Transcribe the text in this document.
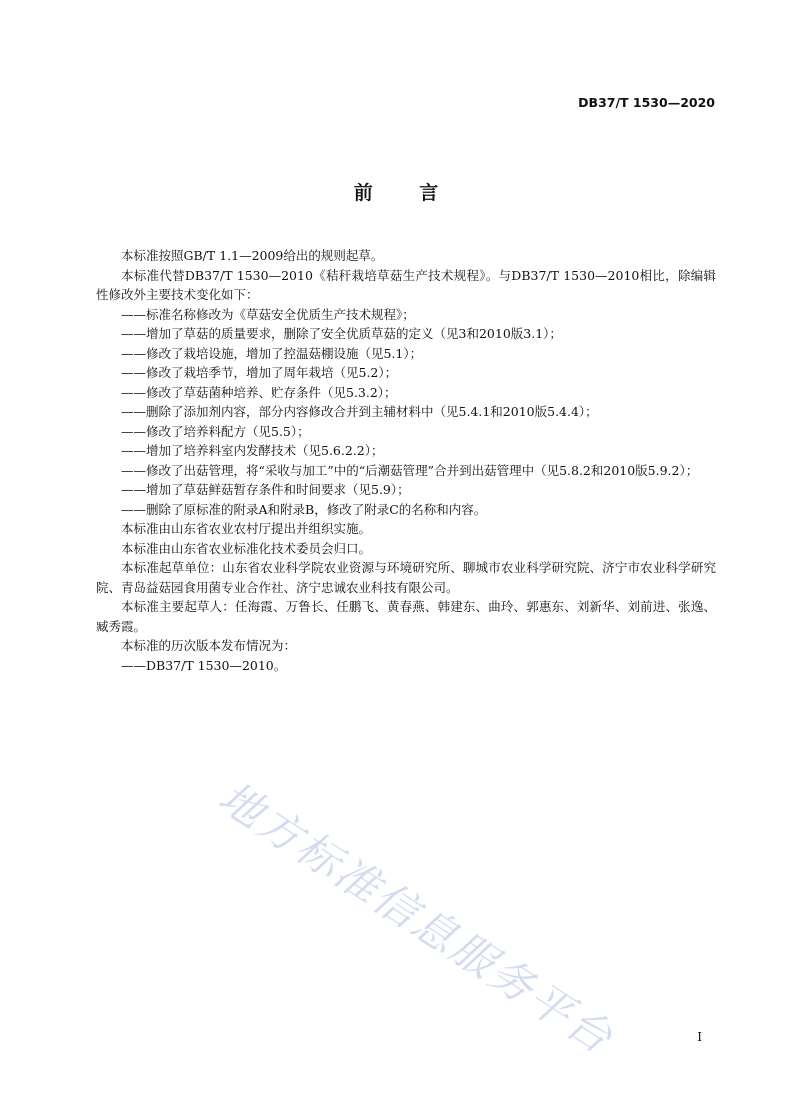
DB37/T 1530—2020
前 言

本标准按照GB/T 1.1—2009给出的规则起草。

本标准代替DB37/T 1530—2010《秸秆栽培草菇生产技术规程》。与DB37/T 1530—2010相比，除编辑性修改外主要技术变化如下：

—— 标准名称修改为《草菇安全优质生产技术规程》；

—— 增加了草菇的质量要求，删除了安全优质草菇的定义（见3和2010版3.1）；

—— 修改了栽培设施，增加了控温菇棚设施（见5.1）；

—— 修改了栽培季节，增加了周年栽培（见5.2）；

—— 修改了草菇菌种培养、贮存条件（见5.3.2）；

—— 删除了添加剂内容，部分内容修改合并到主辅材料中（见5.4.1和2010版5.4.4）；

—— 修改了培养料配方（见5.5）；

—— 增加了培养料室内发酵技术（见5.6.2.2）；

—— 修改了出菇管理，将“采收与加工”中的“后潮菇管理”合并到出菇管理中（见5.8.2和2010版5.9.2）；

—— 增加了草菇鲜菇暂存条件和时间要求（见5.9）；

—— 删除了原标准的附录A和附录B，修改了附录C的名称和内容。

本标准由山东省农业农村厅提出并组织实施。

本标准由山东省农业标准化技术委员会归口。

本标准起草单位：山东省农业科学院农业资源与环境研究所、聊城市农业科学研究院、济宁市农业科学研究院、青岛益菇园食用菌专业合作社、济宁忠诚农业科技有限公司。

本标准主要起草人：任海霞、万鲁长、任鹏飞、黄春燕、韩建东、曲玲、郭惠东、刘新华、刘前进、张逸、臧秀霞。

本标准的历次版本发布情况为：

—— DB37/T 1530—2010。

地方标准信息服务平台	I
